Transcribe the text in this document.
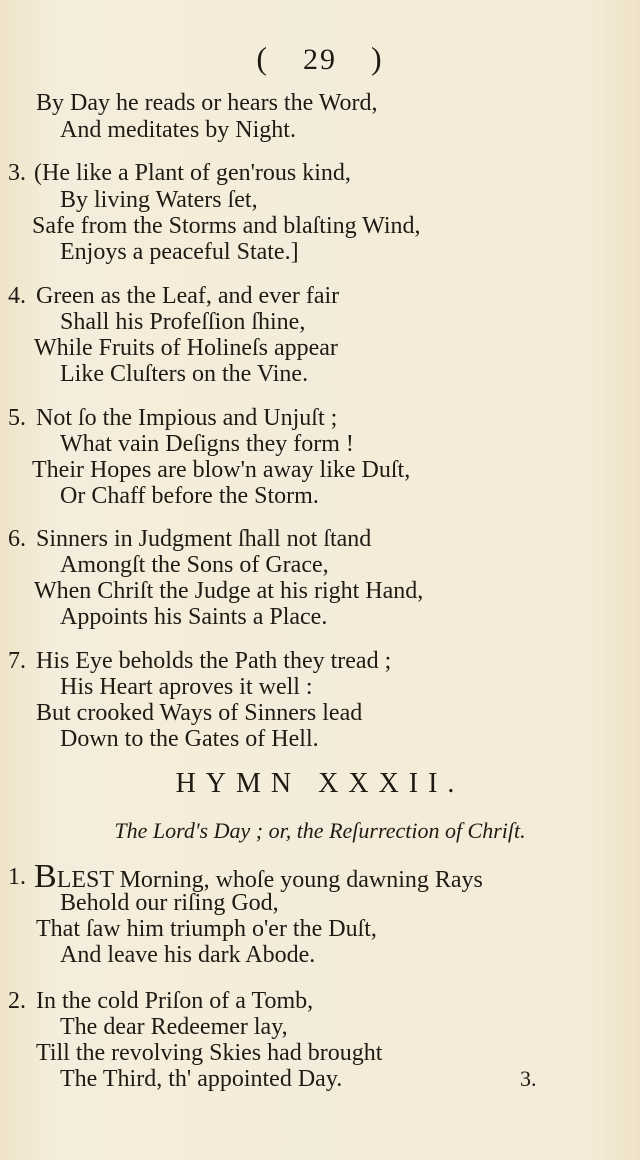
( 29 )
By Day he reads or hears the Word,
And meditates by Night.
3. (He like a Plant of gen'rous kind,
By living Waters ſet,
Safe from the Storms and blaſting Wind,
Enjoys a peaceful State.]
4. Green as the Leaf, and ever fair
Shall his Profeſſion ſhine,
While Fruits of Holineſs appear
Like Cluſters on the Vine.
5. Not ſo the Impious and Unjuſt ;
What vain Deſigns they form !
Their Hopes are blow'n away like Duſt,
Or Chaff before the Storm.
6. Sinners in Judgment ſhall not ſtand
Amongſt the Sons of Grace,
When Chriſt the Judge at his right Hand,
Appoints his Saints a Place.
7. His Eye beholds the Path they tread ;
His Heart aproves it well :
But crooked Ways of Sinners lead
Down to the Gates of Hell.
HYMN XXXII.
The Lord's Day ; or, the Reſurrection of Chriſt.
1. BLEST Morning, whoſe young dawning Rays
Behold our riſing God,
That ſaw him triumph o'er the Duſt,
And leave his dark Abode.
2. In the cold Priſon of a Tomb,
The dear Redeemer lay,
Till the revolving Skies had brought
The Third, th' appointed Day.	3.
